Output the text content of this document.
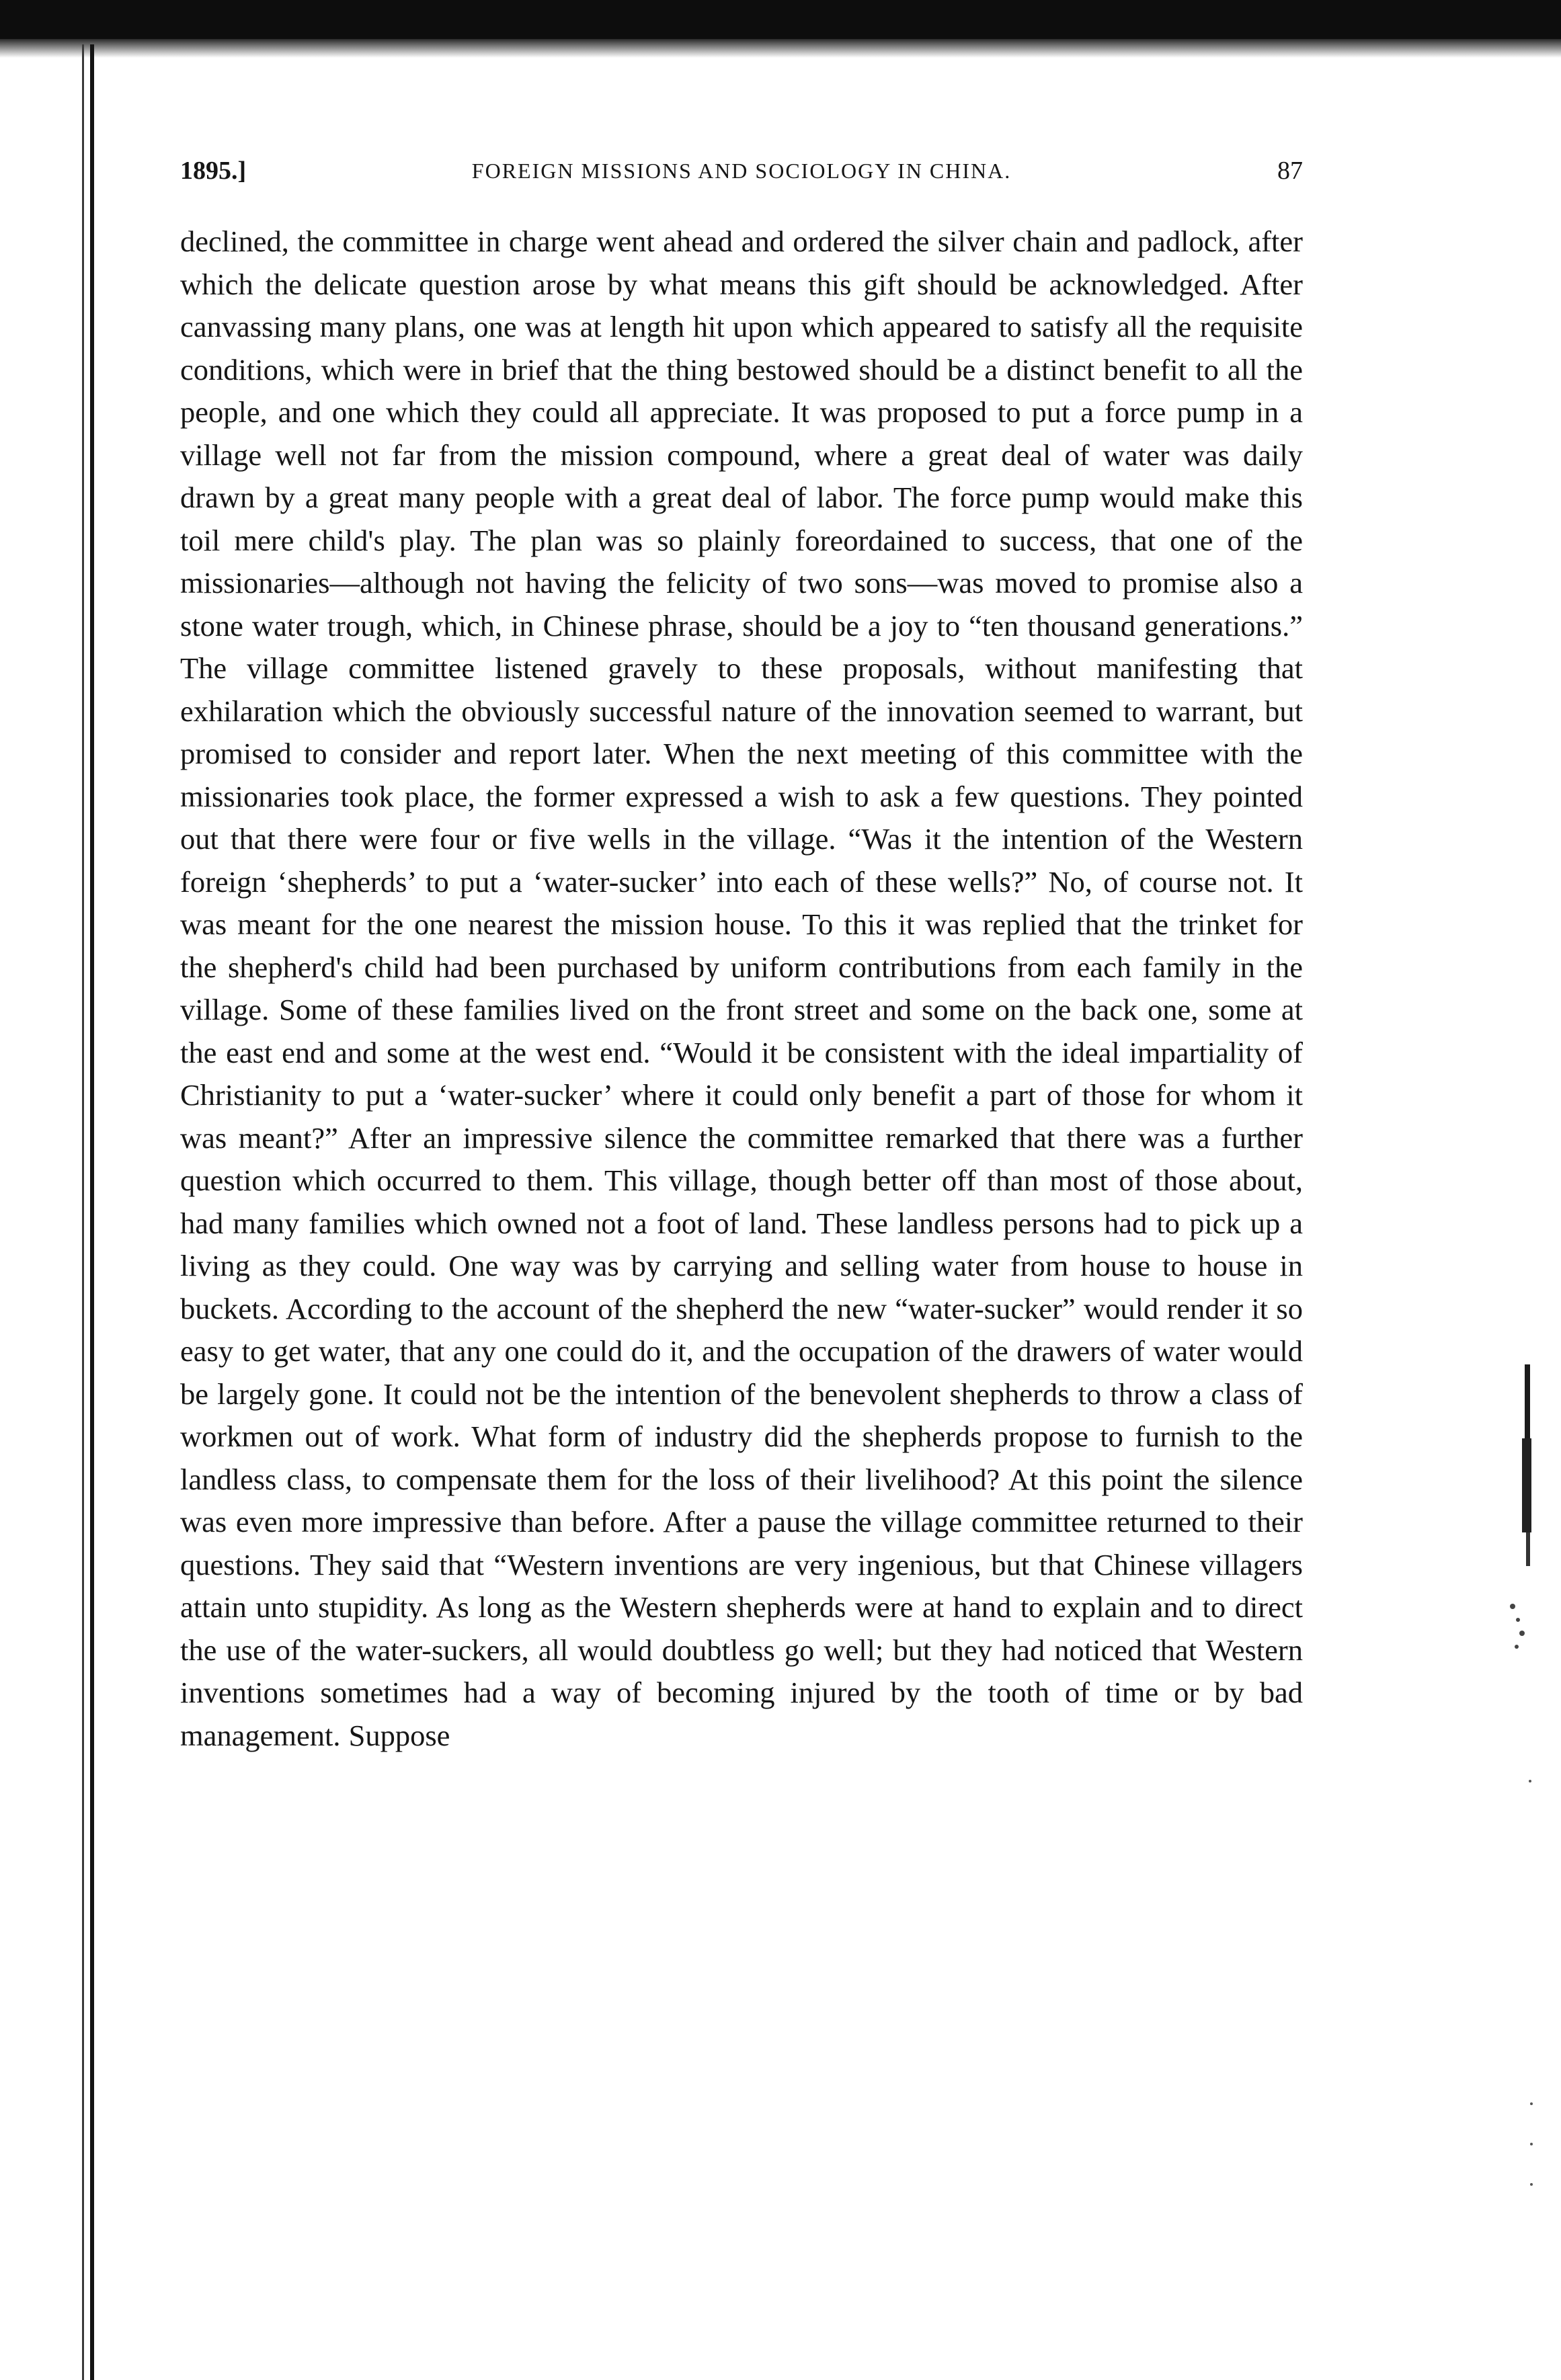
1895.]	FOREIGN MISSIONS AND SOCIOLOGY IN CHINA.	87
declined, the committee in charge went ahead and ordered the silver chain and padlock, after which the delicate question arose by what means this gift should be acknowledged. After canvassing many plans, one was at length hit upon which appeared to satisfy all the requisite conditions, which were in brief that the thing bestowed should be a distinct benefit to all the people, and one which they could all appreciate. It was proposed to put a force pump in a village well not far from the mission compound, where a great deal of water was daily drawn by a great many people with a great deal of labor. The force pump would make this toil mere child's play. The plan was so plainly foreordained to success, that one of the missionaries—although not having the felicity of two sons—was moved to promise also a stone water trough, which, in Chinese phrase, should be a joy to “ten thousand generations.” The village committee listened gravely to these proposals, without manifesting that exhilaration which the obviously successful nature of the innovation seemed to warrant, but promised to consider and report later. When the next meeting of this committee with the missionaries took place, the former expressed a wish to ask a few questions. They pointed out that there were four or five wells in the village. “Was it the intention of the Western foreign ‘shepherds’ to put a ‘water-sucker’ into each of these wells?” No, of course not. It was meant for the one nearest the mission house. To this it was replied that the trinket for the shepherd's child had been purchased by uniform contributions from each family in the village. Some of these families lived on the front street and some on the back one, some at the east end and some at the west end. “Would it be consistent with the ideal impartiality of Christianity to put a ‘water-sucker’ where it could only benefit a part of those for whom it was meant?” After an impressive silence the committee remarked that there was a further question which occurred to them. This village, though better off than most of those about, had many families which owned not a foot of land. These landless persons had to pick up a living as they could. One way was by carrying and selling water from house to house in buckets. According to the account of the shepherd the new “water-sucker” would render it so easy to get water, that any one could do it, and the occupation of the drawers of water would be largely gone. It could not be the intention of the benevolent shepherds to throw a class of workmen out of work. What form of industry did the shepherds propose to furnish to the landless class, to compensate them for the loss of their livelihood? At this point the silence was even more impressive than before. After a pause the village committee returned to their questions. They said that “Western inventions are very ingenious, but that Chinese villagers attain unto stupidity. As long as the Western shepherds were at hand to explain and to direct the use of the water-suckers, all would doubtless go well; but they had noticed that Western inventions sometimes had a way of becoming injured by the tooth of time or by bad management. Suppose
